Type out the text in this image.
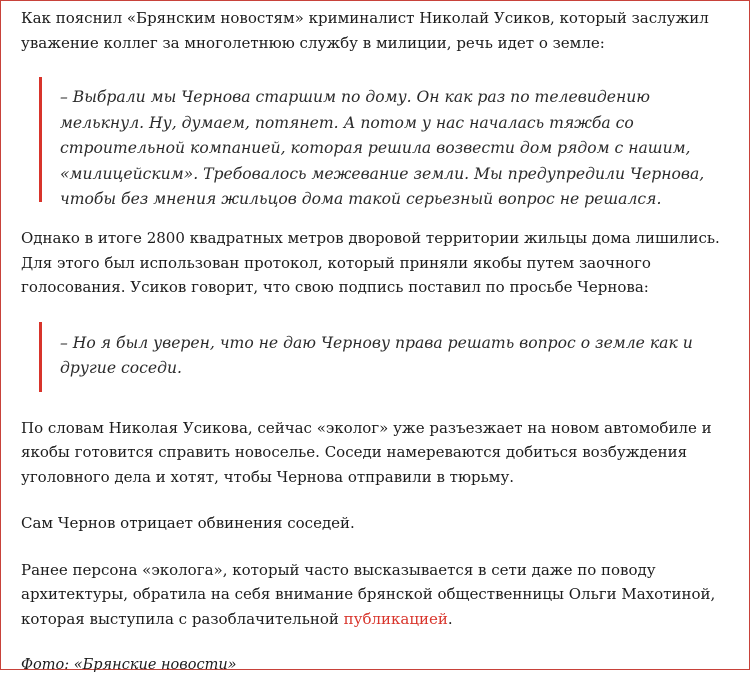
Как пояснил «Брянским новостям» криминалист Николай Усиков, который заслужил уважение коллег за многолетнюю службу в милиции, речь идет о земле:

– Выбрали мы Чернова старшим по дому. Он как раз по телевидению мелькнул. Ну, думаем, потянет. А потом у нас началась тяжба со строительной компанией, которая решила возвести дом рядом с нашим, «милицейским». Требовалось межевание земли. Мы предупредили Чернова, чтобы без мнения жильцов дома такой серьезный вопрос не решался.

Однако в итоге 2800 квадратных метров дворовой территории жильцы дома лишились. Для этого был использован протокол, который приняли якобы путем заочного голосования. Усиков говорит, что свою подпись поставил по просьбе Чернова:

– Но я был уверен, что не даю Чернову права решать вопрос о земле как и другие соседи.

По словам Николая Усикова, сейчас «эколог» уже разъезжает на новом автомобиле и якобы готовится справить новоселье. Соседи намереваются добиться возбуждения уголовного дела и хотят, чтобы Чернова отправили в тюрьму.

Сам Чернов отрицает обвинения соседей.

Ранее персона «эколога», который часто высказывается в сети даже по поводу архитектуры, обратила на себя внимание брянской общественницы Ольги Махотиной, которая выступила с разоблачительной публикацией.

Фото: «Брянские новости»
